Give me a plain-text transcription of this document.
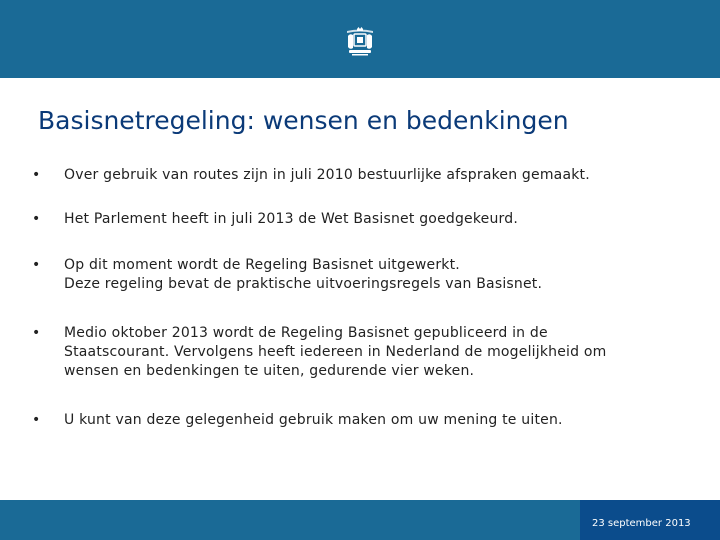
Basisnetregeling: wensen en bedenkingen
• Over gebruik van routes zijn in juli 2010 bestuurlijke afspraken gemaakt.
• Het Parlement heeft in juli 2013 de Wet Basisnet goedgekeurd.
• Op dit moment wordt de Regeling Basisnet uitgewerkt.
Deze regeling bevat de praktische uitvoeringsregels van Basisnet.
• Medio oktober 2013 wordt de Regeling Basisnet gepubliceerd in de
Staatscourant. Vervolgens heeft iedereen in Nederland de mogelijkheid om
wensen en bedenkingen te uiten, gedurende vier weken.
• U kunt van deze gelegenheid gebruik maken om uw mening te uiten.
23 september 2013
